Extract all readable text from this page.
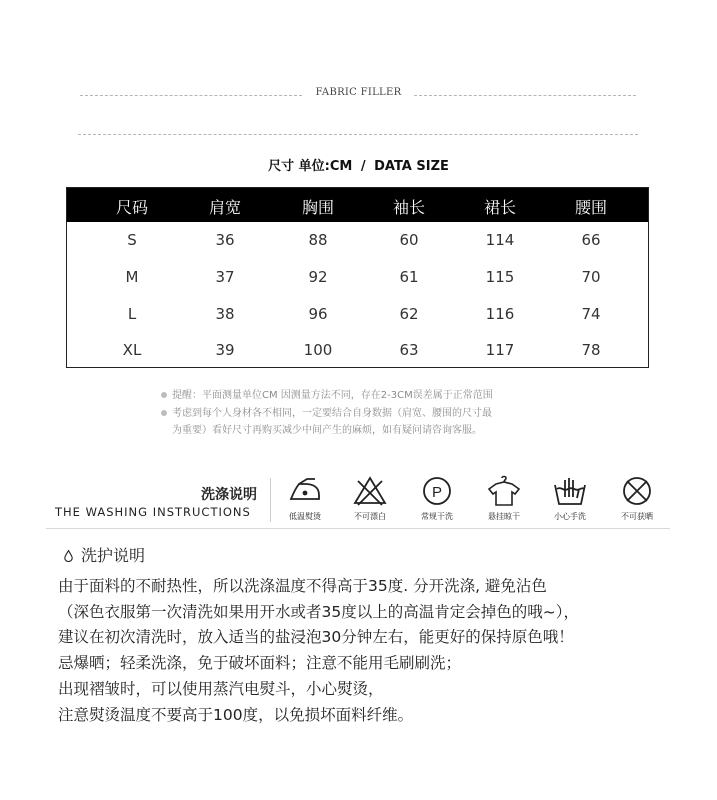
FABRIC FILLER
尺寸 单位:CM / DATA SIZE
尺码	肩宽	胸围	袖长	裙长	腰围
S	36	88	60	114	66
M	37	92	61	115	70
L	38	96	62	116	74
XL	39	100	63	117	78
提醒：平面测量单位CM 因测量方法不同，存在2-3CM误差属于正常范围
考虑到每个人身材各不相同，一定要结合自身数据（肩宽、腰围的尺寸最
为重要）看好尺寸再购买减少中间产生的麻烦，如有疑问请咨询客服。
洗涤说明
THE WASHING INSTRUCTIONS	低温熨烫	不可漂白
P
常规干洗	悬挂晾干	小心手洗	不可获晒
洗护说明
由于面料的不耐热性，所以洗涤温度不得高于35度. 分开洗涤, 避免沾色
（深色衣服第一次清洗如果用开水或者35度以上的高温肯定会掉色的哦~），
建议在初次清洗时，放入适当的盐浸泡30分钟左右，能更好的保持原色哦！
忌爆晒；轻柔洗涤，免于破坏面料；注意不能用毛刷刷洗；
出现褶皱时，可以使用蒸汽电熨斗，小心熨烫，
注意熨烫温度不要高于100度，以免损坏面料纤维。
